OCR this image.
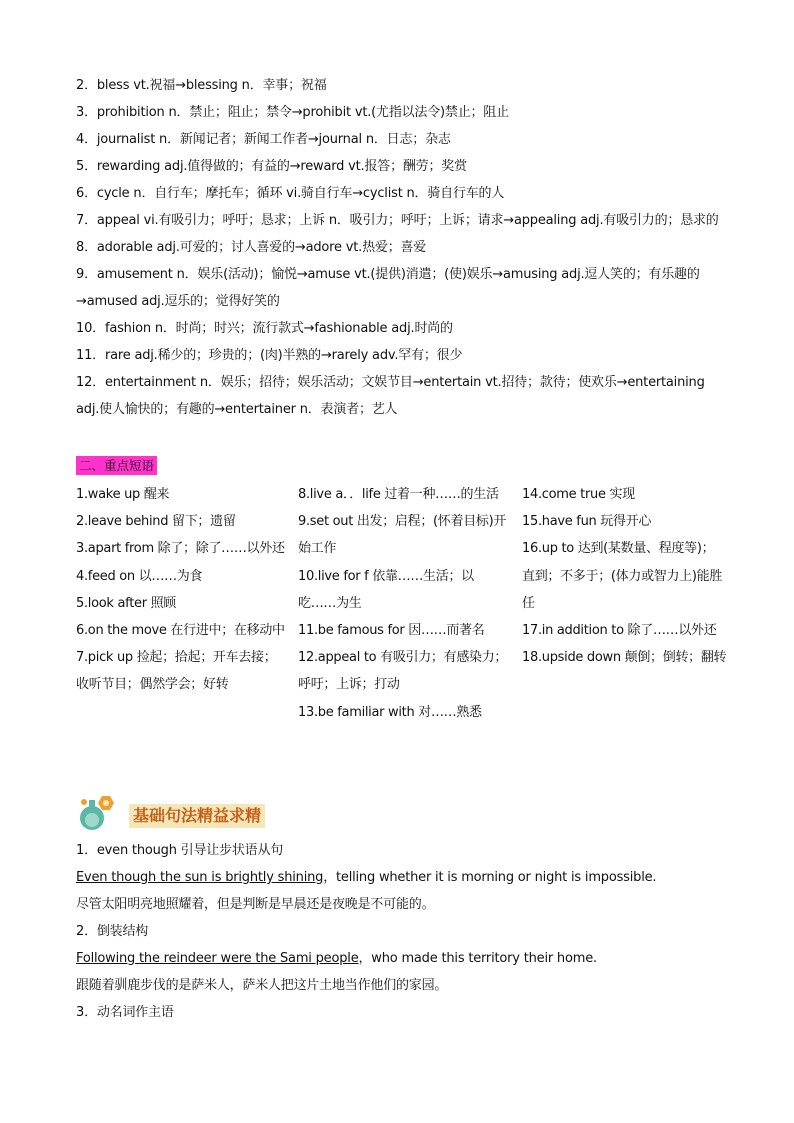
2．bless vt.祝福→blessing n．幸事；祝福
3．prohibition n．禁止；阻止；禁令→prohibit vt.(尤指以法令)禁止；阻止
4．journalist n．新闻记者；新闻工作者→journal n．日志；杂志
5．rewarding adj.值得做的；有益的→reward vt.报答；酬劳；奖赏
6．cycle n．自行车；摩托车；循环 vi.骑自行车→cyclist n．骑自行车的人
7．appeal vi.有吸引力；呼吁；恳求；上诉 n．吸引力；呼吁；上诉；请求→appealing adj.有吸引力的；恳求的
8．adorable adj.可爱的；讨人喜爱的→adore vt.热爱；喜爱
9．amusement n．娱乐(活动)；愉悦→amuse vt.(提供)消遣；(使)娱乐→amusing adj.逗人笑的；有乐趣的→amused adj.逗乐的；觉得好笑的
10．fashion n．时尚；时兴；流行款式→fashionable adj.时尚的
11．rare adj.稀少的；珍贵的；(肉)半熟的→rarely adv.罕有；很少
12．entertainment n．娱乐；招待；娱乐活动；文娱节目→entertain vt.招待；款待；使欢乐→entertaining adj.使人愉快的；有趣的→entertainer n．表演者；艺人
二、重点短语
1.wake up 醒来
2.leave behind 留下；遗留
3.apart from 除了；除了……以外还
4.feed on 以……为食
5.look after 照顾
6.on the move 在行进中；在移动中
7.pick up 捡起；拾起；开车去接；收听节目；偶然学会；好转
8.live a．．life 过着一种……的生活
9.set out 出发；启程；(怀着目标)开始工作
10.live for f 依靠……生活；以吃……为生
11.be famous for 因……而著名
12.appeal to 有吸引力；有感染力；呼吁；上诉；打动
13.be familiar with 对……熟悉
14.come true 实现
15.have fun 玩得开心
16.up to 达到(某数量、程度等)；直到；不多于；(体力或智力上)能胜任
17.in addition to 除了……以外还
18.upside down 颠倒；倒转；翻转
基础句法精益求精
1．even though 引导让步状语从句
Even though the sun is brightly shining，telling whether it is morning or night is impossible.
尽管太阳明亮地照耀着，但是判断是早晨还是夜晚是不可能的。
2．倒装结构
Following the reindeer were the Sami people，who made this territory their home.
跟随着驯鹿步伐的是萨米人，萨米人把这片土地当作他们的家园。
3．动名词作主语
